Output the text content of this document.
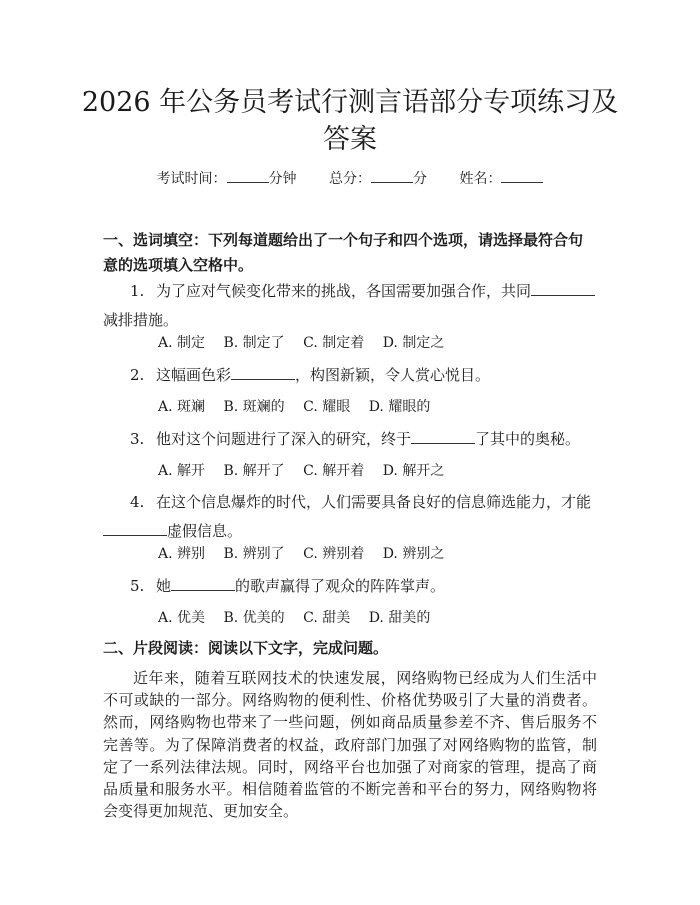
2026 年公务员考试行测言语部分专项练习及
答案
考试时间：	分钟 总分：	分 姓名：

一、选词填空：下列每道题给出了一个句子和四个选项，请选择最符合句意的选项填入空格中。

1. 为了应对气候变化带来的挑战，各国需要加强合作，共同减排措施。

A. 制定 B. 制定了 C. 制定着 D. 制定之

2. 这幅画色彩	，构图新颖，令人赏心悦目。

A. 斑斓 B. 斑斓的 C. 耀眼 D. 耀眼的

3. 他对这个问题进行了深入的研究，终于	了其中的奥秘。

A. 解开 B. 解开了 C. 解开着 D. 解开之

4. 在这个信息爆炸的时代，人们需要具备良好的信息筛选能力，才能虚假信息。

A. 辨别 B. 辨别了 C. 辨别着 D. 辨别之

5. 她	的歌声赢得了观众的阵阵掌声。

A. 优美 B. 优美的 C. 甜美 D. 甜美的

二、片段阅读：阅读以下文字，完成问题。

近年来，随着互联网技术的快速发展，网络购物已经成为人们生活中不可或缺的一部分。网络购物的便利性、价格优势吸引了大量的消费者。然而，网络购物也带来了一些问题，例如商品质量参差不齐、售后服务不完善等。为了保障消费者的权益，政府部门加强了对网络购物的监管，制定了一系列法律法规。同时，网络平台也加强了对商家的管理，提高了商品质量和服务水平。相信随着监管的不断完善和平台的努力，网络购物将会变得更加规范、更加安全。
